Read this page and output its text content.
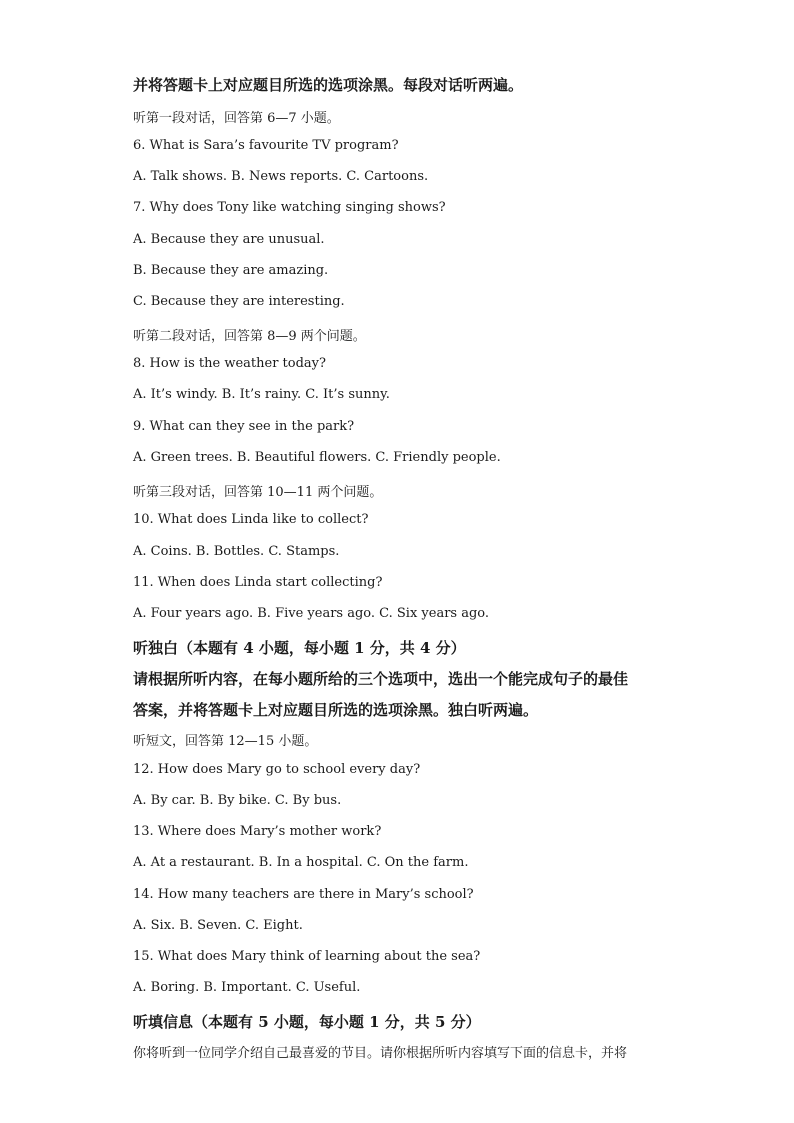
并将答题卡上对应题目所选的选项涂黑。每段对话听两遍。
听第一段对话，回答第 6—7 小题。
6. What is Sara’s favourite TV program?
A. Talk shows. B. News reports. C. Cartoons.
7. Why does Tony like watching singing shows?
A. Because they are unusual.
B. Because they are amazing.
C. Because they are interesting.
听第二段对话，回答第 8—9 两个问题。
8. How is the weather today?
A. It’s windy. B. It’s rainy. C. It’s sunny.
9. What can they see in the park?
A. Green trees. B. Beautiful flowers. C. Friendly people.
听第三段对话，回答第 10—11 两个问题。
10. What does Linda like to collect?
A. Coins. B. Bottles. C. Stamps.
11. When does Linda start collecting?
A. Four years ago. B. Five years ago. C. Six years ago.
听独白（本题有 4 小题，每小题 1 分，共 4 分）
请根据所听内容，在每小题所给的三个选项中，选出一个能完成句子的最佳
答案，并将答题卡上对应题目所选的选项涂黑。独白听两遍。
听短文，回答第 12—15 小题。
12. How does Mary go to school every day?
A. By car. B. By bike. C. By bus.
13. Where does Mary’s mother work?
A. At a restaurant. B. In a hospital. C. On the farm.
14. How many teachers are there in Mary’s school?
A. Six. B. Seven. C. Eight.
15. What does Mary think of learning about the sea?
A. Boring. B. Important. C. Useful.
听填信息（本题有 5 小题，每小题 1 分，共 5 分）
你将听到一位同学介绍自己最喜爱的节目。请你根据所听内容填写下面的信息卡，并将
